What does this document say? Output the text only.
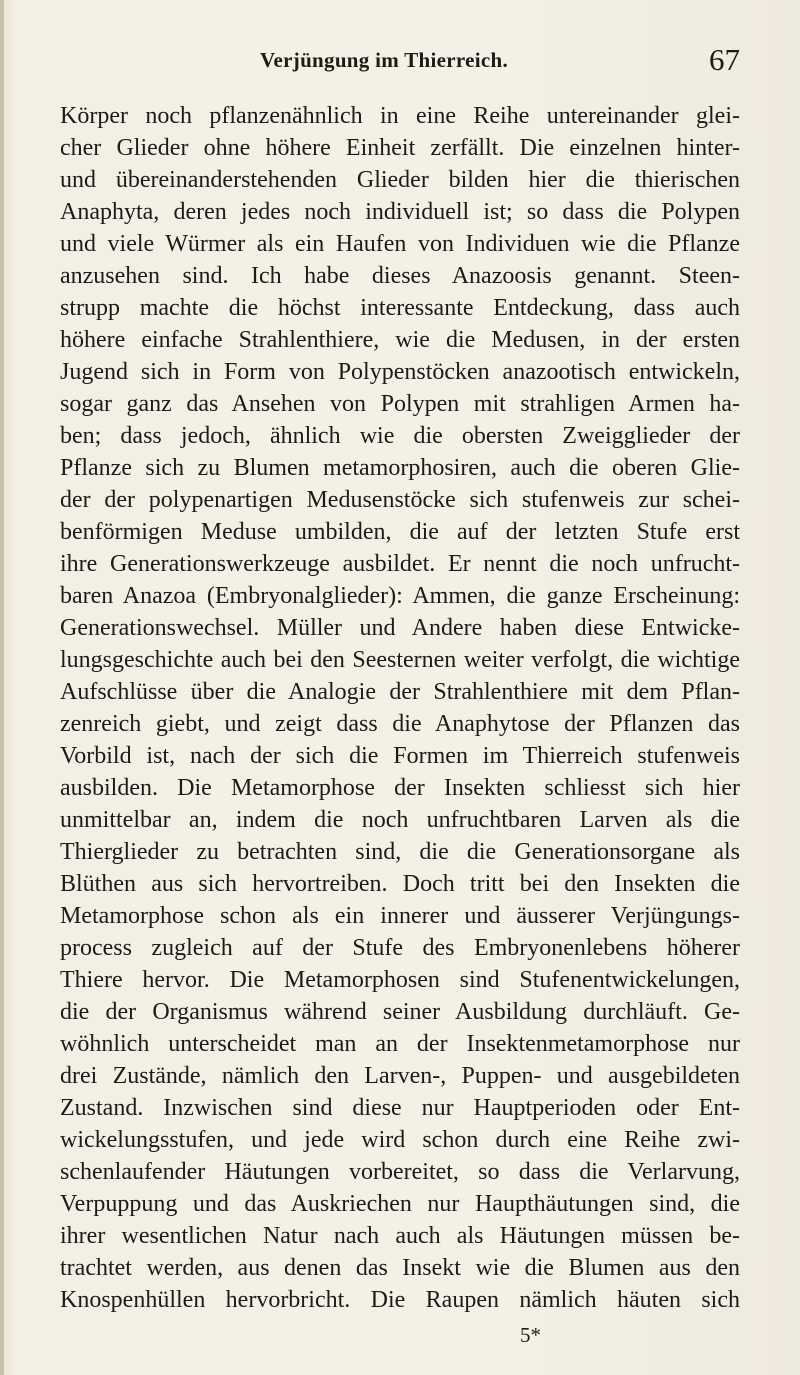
Verjüngung im Thierreich.	67
Körper noch pflanzenähnlich in eine Reihe untereinander glei-
cher Glieder ohne höhere Einheit zerfällt. Die einzelnen hinter-
und übereinanderstehenden Glieder bilden hier die thierischen
Anaphyta, deren jedes noch individuell ist; so dass die Polypen
und viele Würmer als ein Haufen von Individuen wie die Pflanze
anzusehen sind. Ich habe dieses Anazoosis genannt. Steen-
strupp machte die höchst interessante Entdeckung, dass auch
höhere einfache Strahlenthiere, wie die Medusen, in der ersten
Jugend sich in Form von Polypenstöcken anazootisch entwickeln,
sogar ganz das Ansehen von Polypen mit strahligen Armen ha-
ben; dass jedoch, ähnlich wie die obersten Zweigglieder der
Pflanze sich zu Blumen metamorphosiren, auch die oberen Glie-
der der polypenartigen Medusenstöcke sich stufenweis zur schei-
benförmigen Meduse umbilden, die auf der letzten Stufe erst
ihre Generationswerkzeuge ausbildet. Er nennt die noch unfrucht-
baren Anazoa (Embryonalglieder): Ammen, die ganze Erscheinung:
Generationswechsel. Müller und Andere haben diese Entwicke-
lungsgeschichte auch bei den Seesternen weiter verfolgt, die wichtige
Aufschlüsse über die Analogie der Strahlenthiere mit dem Pflan-
zenreich giebt, und zeigt dass die Anaphytose der Pflanzen das
Vorbild ist, nach der sich die Formen im Thierreich stufenweis
ausbilden. Die Metamorphose der Insekten schliesst sich hier
unmittelbar an, indem die noch unfruchtbaren Larven als die
Thierglieder zu betrachten sind, die die Generationsorgane als
Blüthen aus sich hervortreiben. Doch tritt bei den Insekten die
Metamorphose schon als ein innerer und äusserer Verjüngungs-
process zugleich auf der Stufe des Embryonenlebens höherer
Thiere hervor. Die Metamorphosen sind Stufenentwickelungen,
die der Organismus während seiner Ausbildung durchläuft. Ge-
wöhnlich unterscheidet man an der Insektenmetamorphose nur
drei Zustände, nämlich den Larven-, Puppen- und ausgebildeten
Zustand. Inzwischen sind diese nur Hauptperioden oder Ent-
wickelungsstufen, und jede wird schon durch eine Reihe zwi-
schenlaufender Häutungen vorbereitet, so dass die Verlarvung,
Verpuppung und das Auskriechen nur Haupthäutungen sind, die
ihrer wesentlichen Natur nach auch als Häutungen müssen be-
trachtet werden, aus denen das Insekt wie die Blumen aus den
Knospenhüllen hervorbricht. Die Raupen nämlich häuten sich
5*
